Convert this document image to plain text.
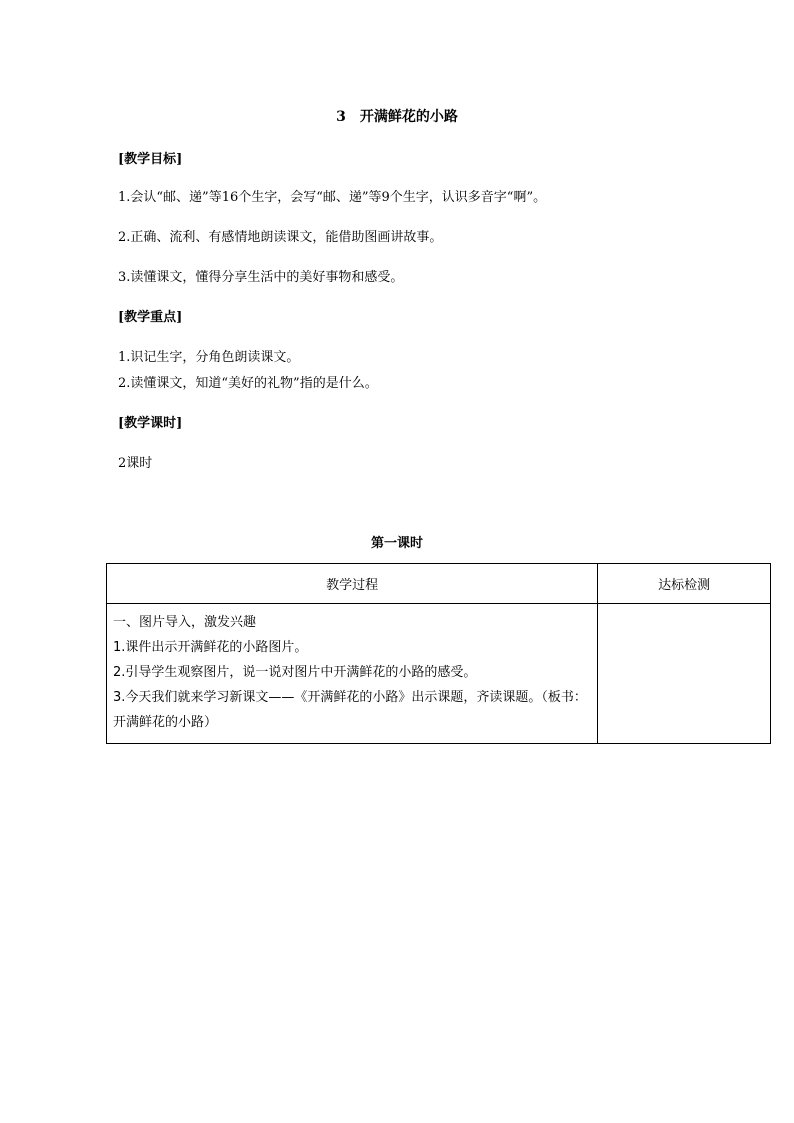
3　开满鲜花的小路
[教学目标]
1.会认“邮、递”等16个生字，会写“邮、递”等9个生字，认识多音字“啊”。
2.正确、流利、有感情地朗读课文，能借助图画讲故事。
3.读懂课文，懂得分享生活中的美好事物和感受。
[教学重点]
1.识记生字，分角色朗读课文。
2.读懂课文，知道“美好的礼物”指的是什么。
[教学课时]
2课时
第一课时
教学过程	达标检测

一、图片导入，激发兴趣
1.课件出示开满鲜花的小路图片。
2.引导学生观察图片，说一说对图片中开满鲜花的小路的感受。
3.今天我们就来学习新课文——《开满鲜花的小路》出示课题，齐读课题。（板书：开满鲜花的小路）	
